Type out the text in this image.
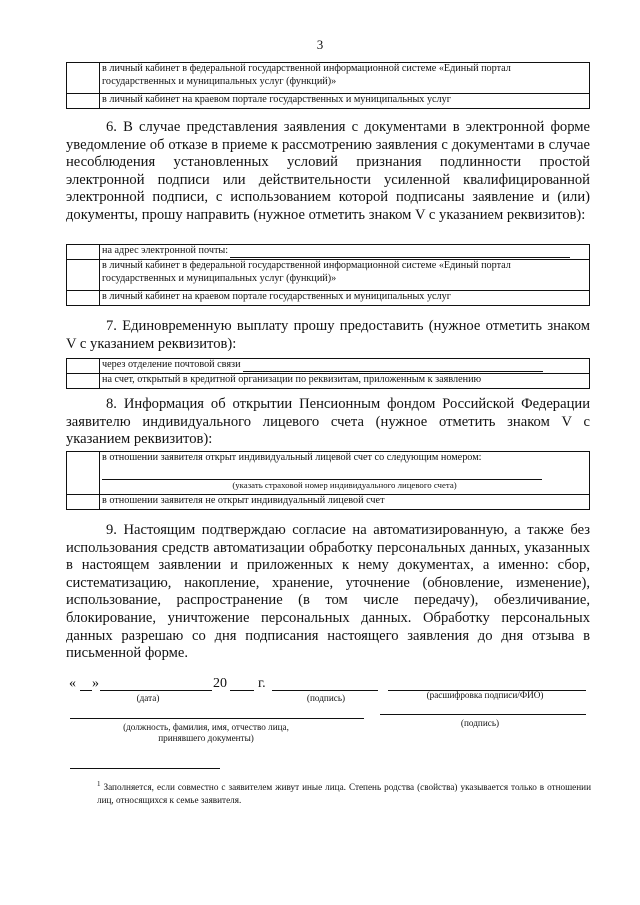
3
	в личный кабинет в федеральной государственной информационной системе «Единый портал государственных и муниципальных услуг (функций)»
	в личный кабинет на краевом портале государственных и муниципальных услуг
6. В случае представления заявления с документами в электронной форме уведомление об отказе в приеме к рассмотрению заявления с документами в случае несоблюдения установленных условий признания подлинности простой электронной подписи или действительности усиленной квалифицированной электронной подписи, с использованием которой подписаны заявление и (или) документы, прошу направить (нужное отметить знаком V с указанием реквизитов):
	на адрес электронной почты:
	в личный кабинет в федеральной государственной информационной системе «Единый портал государственных и муниципальных услуг (функций)»
	в личный кабинет на краевом портале государственных и муниципальных услуг
7. Единовременную выплату прошу предоставить (нужное отметить знаком V с указанием реквизитов):
	через отделение почтовой связи
	на счет, открытый в кредитной организации по реквизитам, приложенным к заявлению
8. Информация об открытии Пенсионным фондом Российской Федерации заявителю индивидуального лицевого счета (нужное отметить знаком V с указанием реквизитов):

	в отношении заявителя открыт индивидуальный лицевой счет со следующим номером:
(указать страховой номер индивидуального лицевого счета)

	в отношении заявителя не открыт индивидуальный лицевой счет
9. Настоящим подтверждаю согласие на автоматизированную, а также без использования средств автоматизации обработку персональных данных, указанных в настоящем заявлении и приложенных к нему документах, а именно: сбор, систематизацию, накопление, хранение, уточнение (обновление, изменение), использование, распространение (в том числе передачу), обезличивание, блокирование, уничтожение персональных данных. Обработку персональных данных разрешаю со дня подписания настоящего заявления до дня отзыва в письменной форме.
« »	20 г.
(дата)	(подпись)	(расшифровка подписи/ФИО)
(должность, фамилия, имя, отчество лица,
принявшего документы)
(подпись)
$^1$ Заполняется, если совместно с заявителем живут иные лица. Степень родства (свойства) указывается только в отношении лиц, относящихся к семье заявителя.
